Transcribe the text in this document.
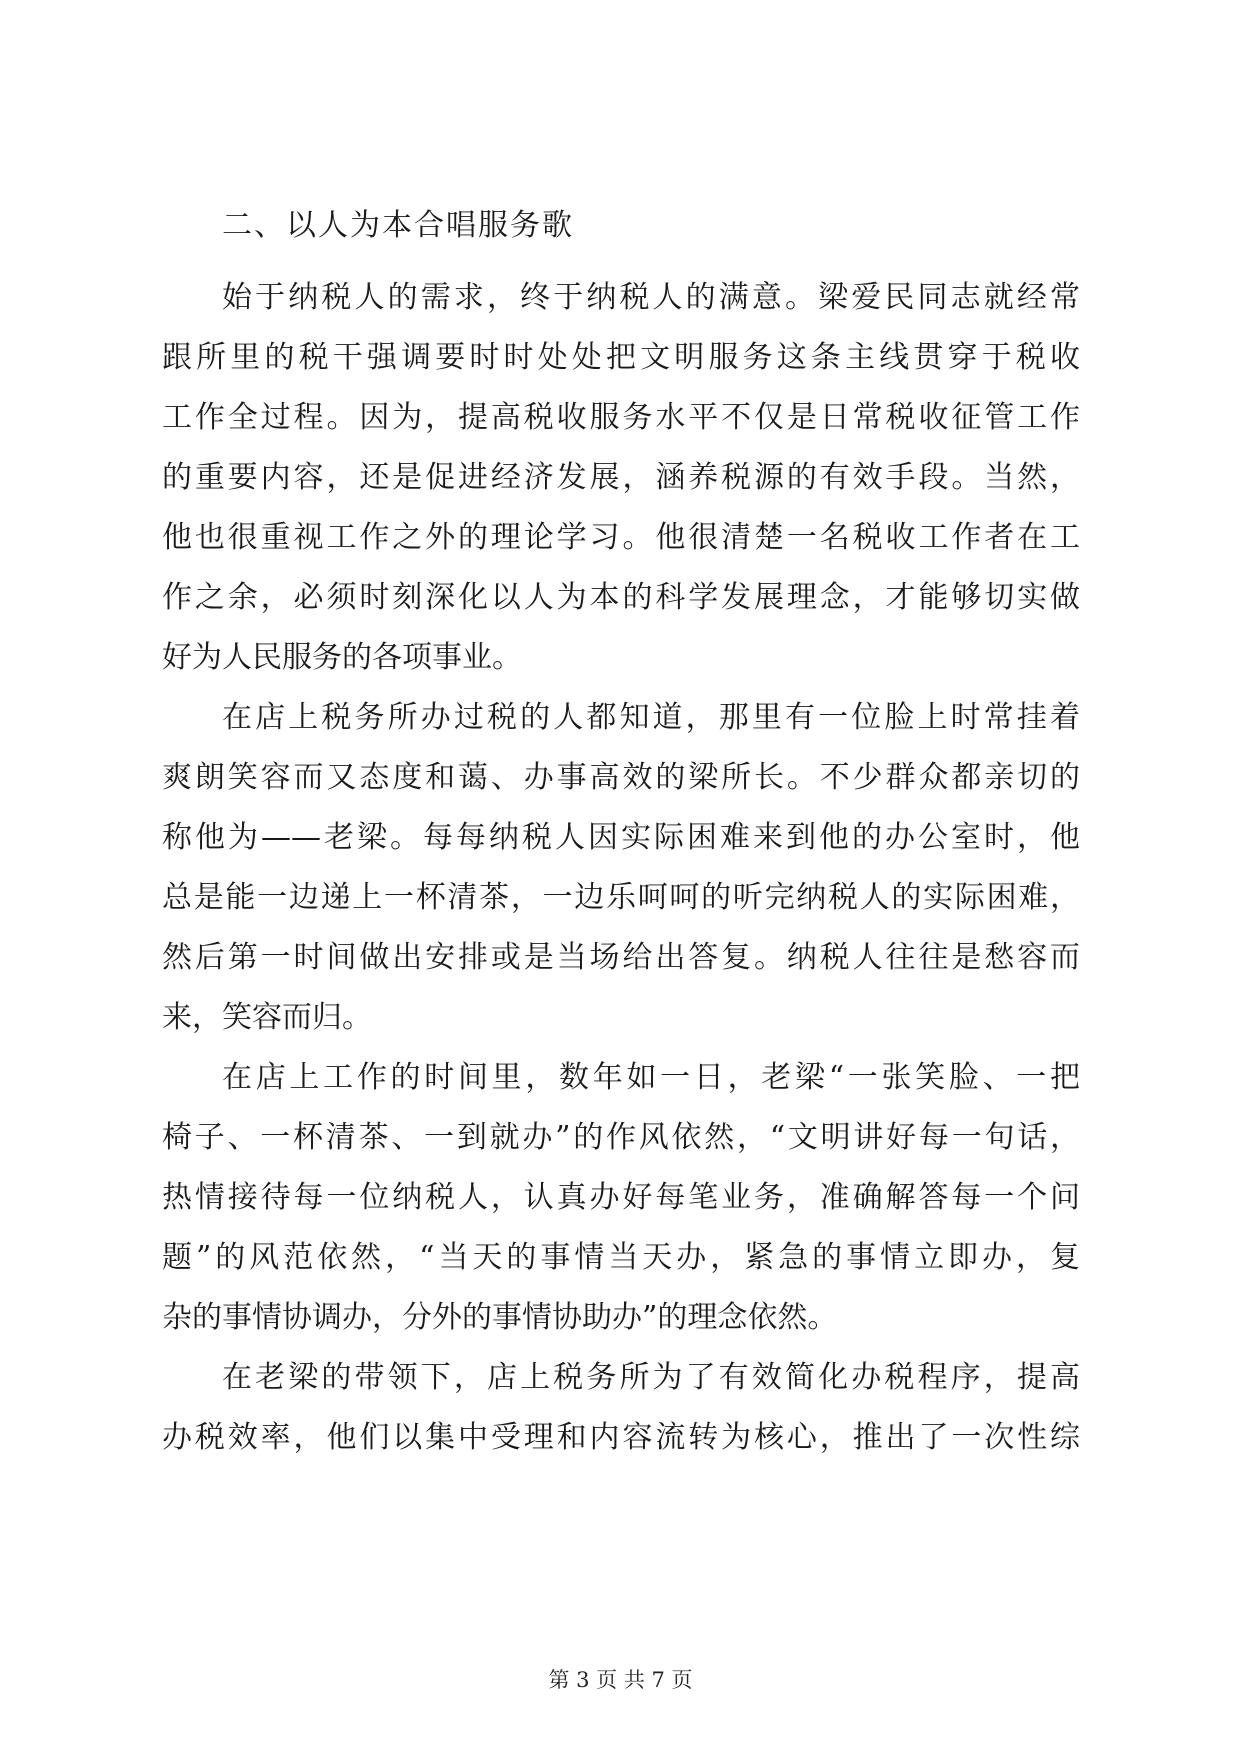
二、以人为本合唱服务歌
始于纳税人的需求，终于纳税人的满意。梁爱民同志就经常
跟所里的税干强调要时时处处把文明服务这条主线贯穿于税收
工作全过程。因为，提高税收服务水平不仅是日常税收征管工作
的重要内容，还是促进经济发展，涵养税源的有效手段。当然，
他也很重视工作之外的理论学习。他很清楚一名税收工作者在工
作之余，必须时刻深化以人为本的科学发展理念，才能够切实做
好为人民服务的各项事业。
在店上税务所办过税的人都知道，那里有一位脸上时常挂着
爽朗笑容而又态度和蔼、办事高效的梁所长。不少群众都亲切的
称他为——老梁。每每纳税人因实际困难来到他的办公室时，他
总是能一边递上一杯清茶，一边乐呵呵的听完纳税人的实际困难，
然后第一时间做出安排或是当场给出答复。纳税人往往是愁容而
来，笑容而归。
在店上工作的时间里，数年如一日，老梁“一张笑脸、一把
椅子、一杯清茶、一到就办”的作风依然，“文明讲好每一句话，
热情接待每一位纳税人，认真办好每笔业务，准确解答每一个问
题”的风范依然，“当天的事情当天办，紧急的事情立即办，复
杂的事情协调办，分外的事情协助办”的理念依然。
在老梁的带领下，店上税务所为了有效简化办税程序，提高
办税效率，他们以集中受理和内容流转为核心，推出了一次性综
第 3 页 共 7 页
